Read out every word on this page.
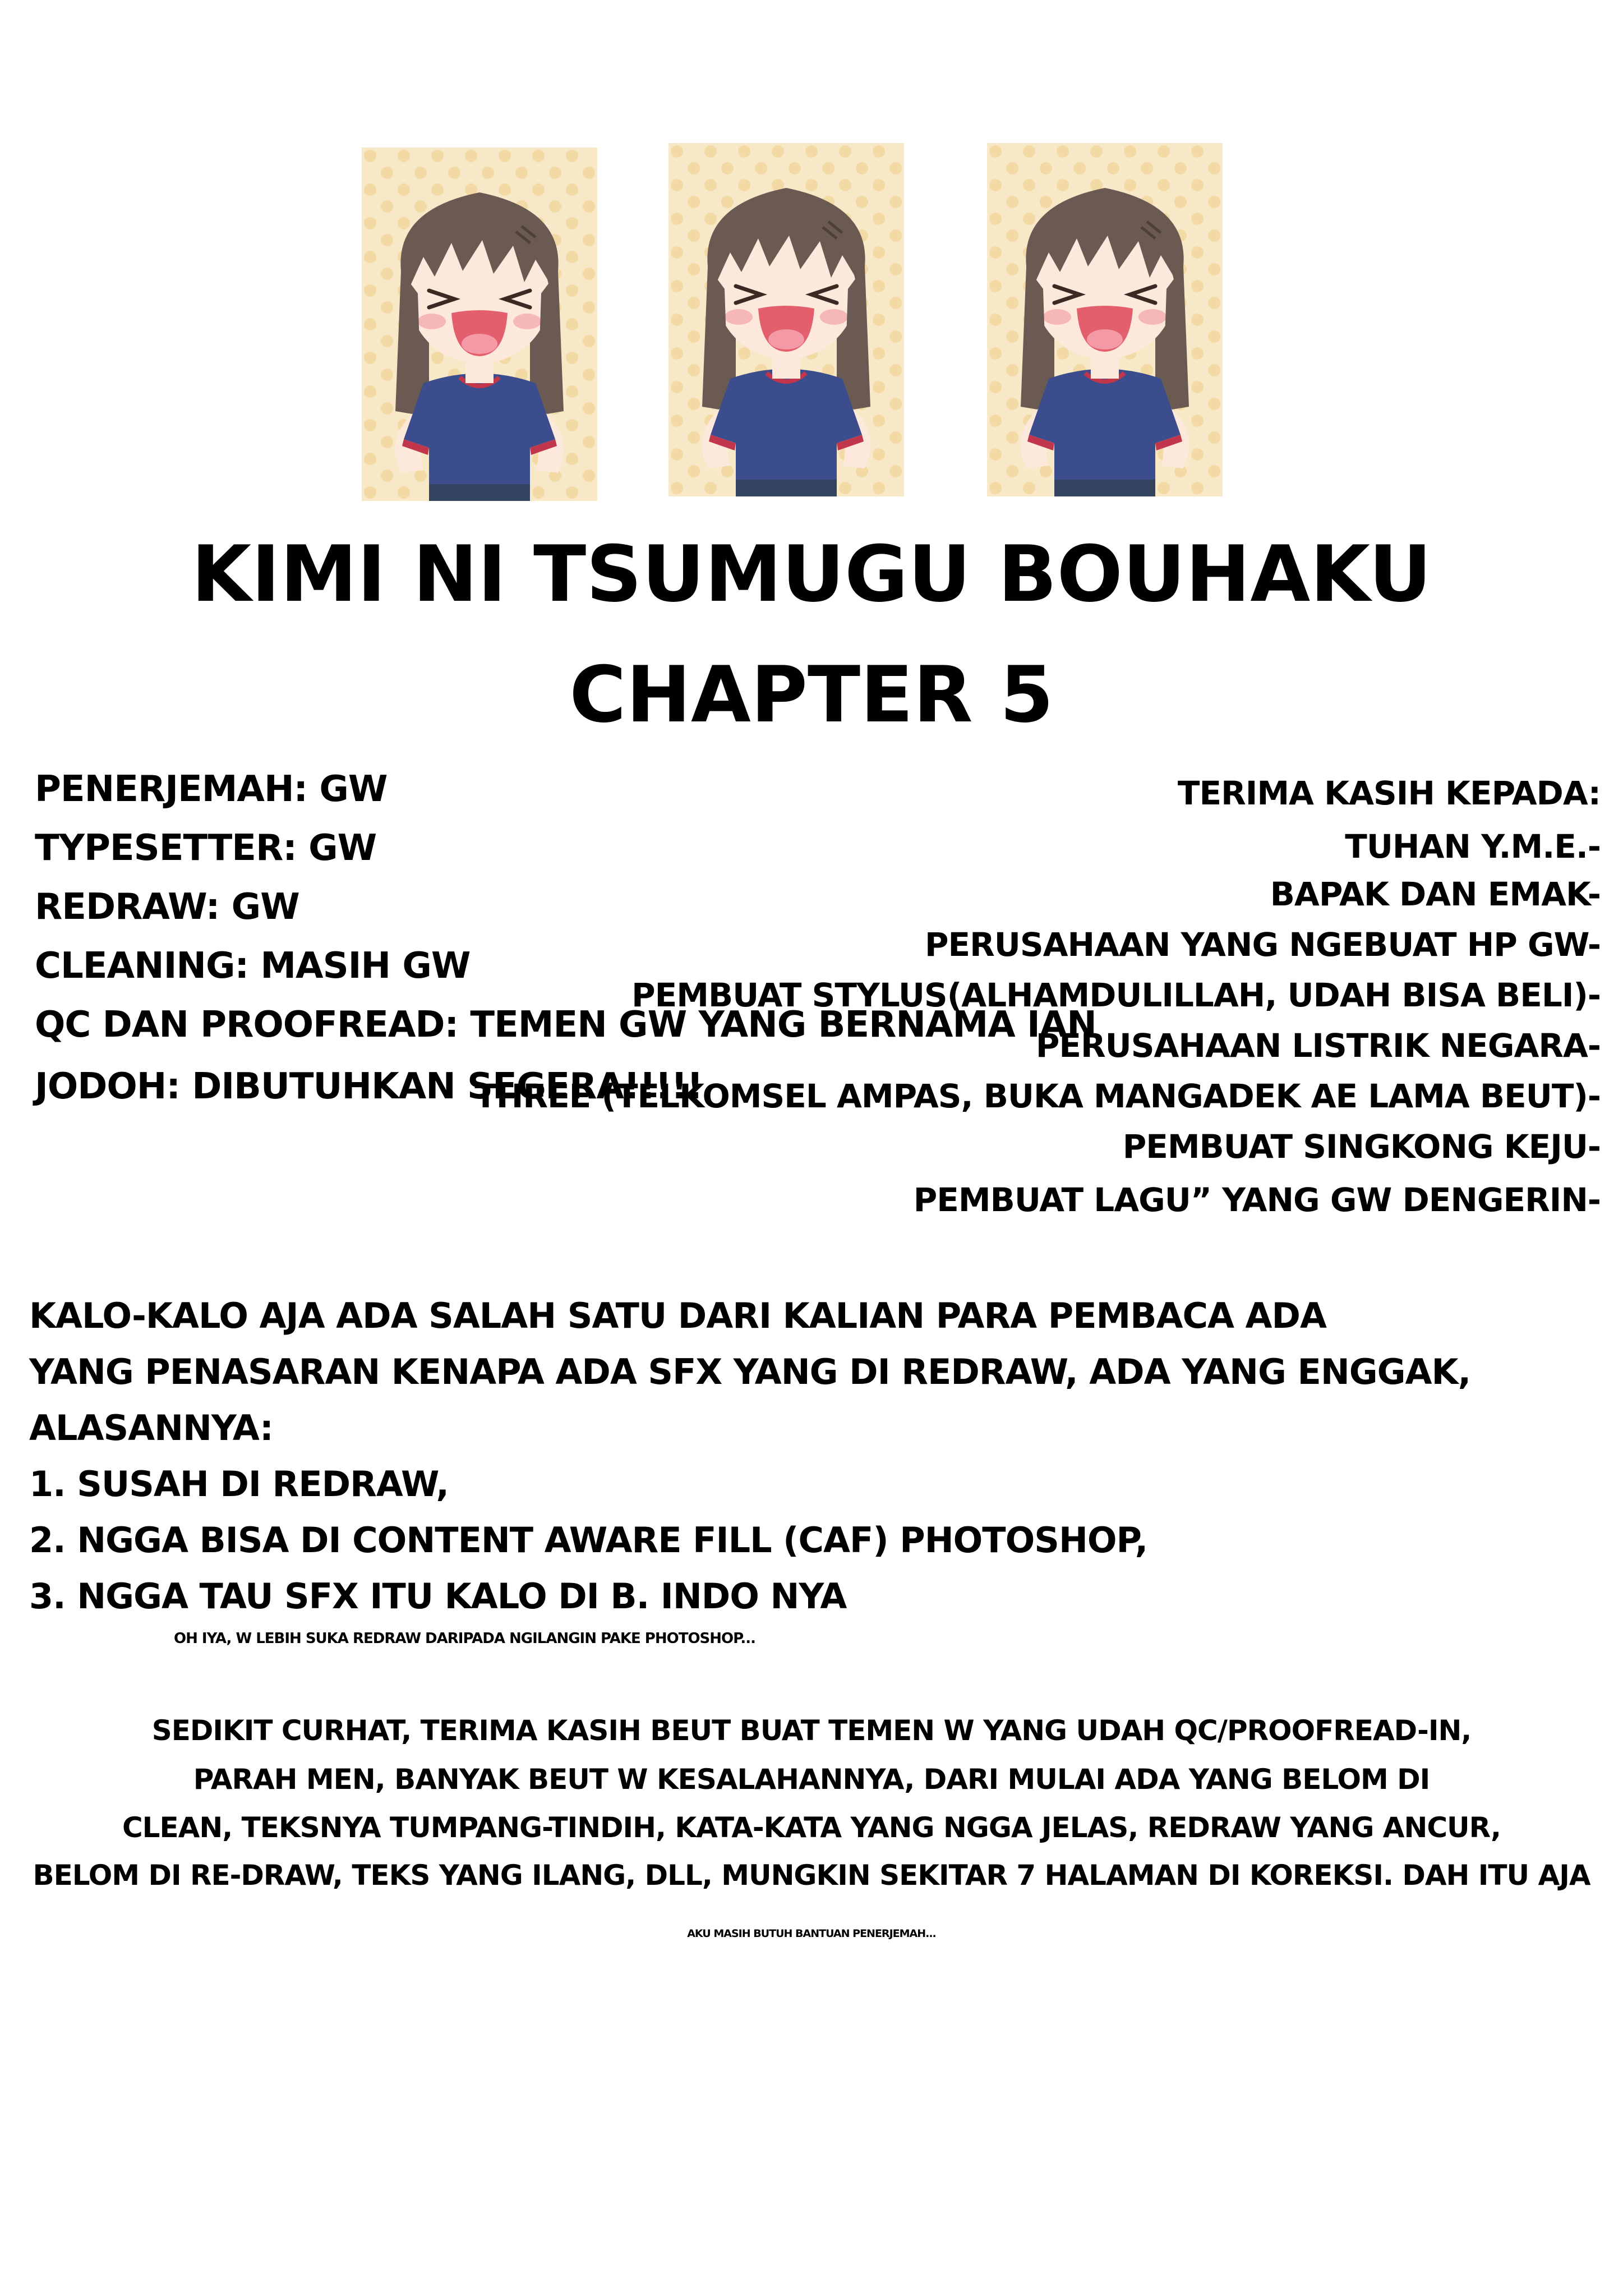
KIMI NI TSUMUGU BOUHAKU
CHAPTER 5
PENERJEMAH: GW
TYPESETTER: GW
REDRAW: GW
CLEANING: MASIH GW
QC DAN PROOFREAD: TEMEN GW YANG BERNAMA IAN
JODOH: DIBUTUHKAN SEGERA!!!!!
TERIMA KASIH KEPADA:
TUHAN Y.M.E.-
BAPAK DAN EMAK-
PERUSAHAAN YANG NGEBUAT HP GW-
PEMBUAT STYLUS(ALHAMDULILLAH, UDAH BISA BELI)-
PERUSAHAAN LISTRIK NEGARA-
THREE (TELKOMSEL AMPAS, BUKA MANGADEK AE LAMA BEUT)-
PEMBUAT SINGKONG KEJU-
PEMBUAT LAGU” YANG GW DENGERIN-
KALO-KALO AJA ADA SALAH SATU DARI KALIAN PARA PEMBACA ADA
YANG PENASARAN KENAPA ADA SFX YANG DI REDRAW, ADA YANG ENGGAK,
ALASANNYA:
1. SUSAH DI REDRAW,
2. NGGA BISA DI CONTENT AWARE FILL (CAF) PHOTOSHOP,
3. NGGA TAU SFX ITU KALO DI B. INDO NYA
OH IYA, W LEBIH SUKA REDRAW DARIPADA NGILANGIN PAKE PHOTOSHOP...
SEDIKIT CURHAT, TERIMA KASIH BEUT BUAT TEMEN W YANG UDAH QC/PROOFREAD-IN,
PARAH MEN, BANYAK BEUT W KESALAHANNYA, DARI MULAI ADA YANG BELOM DI
CLEAN, TEKSNYA TUMPANG-TINDIH, KATA-KATA YANG NGGA JELAS, REDRAW YANG ANCUR,
BELOM DI RE-DRAW, TEKS YANG ILANG, DLL, MUNGKIN SEKITAR 7 HALAMAN DI KOREKSI. DAH ITU AJA
AKU MASIH BUTUH BANTUAN PENERJEMAH...
